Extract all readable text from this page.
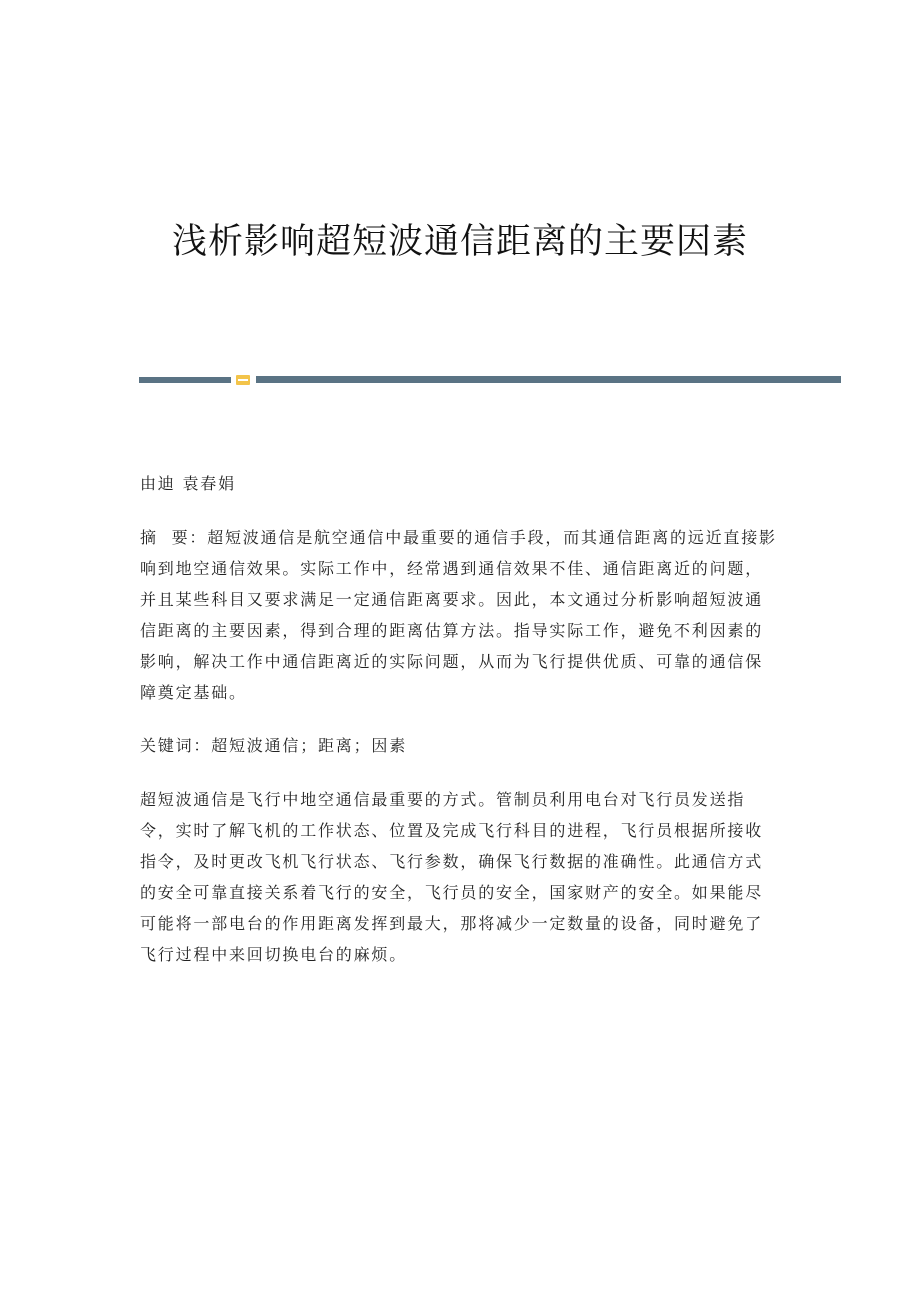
浅析影响超短波通信距离的主要因素

由迪 袁春娟

摘  要：超短波通信是航空通信中最重要的通信手段，而其通信距离的远近直接影响到地空通信效果。实际工作中，经常遇到通信效果不佳、通信距离近的问题，并且某些科目又要求满足一定通信距离要求。因此，本文通过分析影响超短波通信距离的主要因素，得到合理的距离估算方法。指导实际工作，避免不利因素的影响，解决工作中通信距离近的实际问题，从而为飞行提供优质、可靠的通信保障奠定基础。

关键词：超短波通信；距离；因素

超短波通信是飞行中地空通信最重要的方式。管制员利用电台对飞行员发送指令，实时了解飞机的工作状态、位置及完成飞行科目的进程，飞行员根据所接收指令，及时更改飞机飞行状态、飞行参数，确保飞行数据的准确性。此通信方式的安全可靠直接关系着飞行的安全，飞行员的安全，国家财产的安全。如果能尽可能将一部电台的作用距离发挥到最大，那将减少一定数量的设备，同时避免了飞行过程中来回切换电台的麻烦。
